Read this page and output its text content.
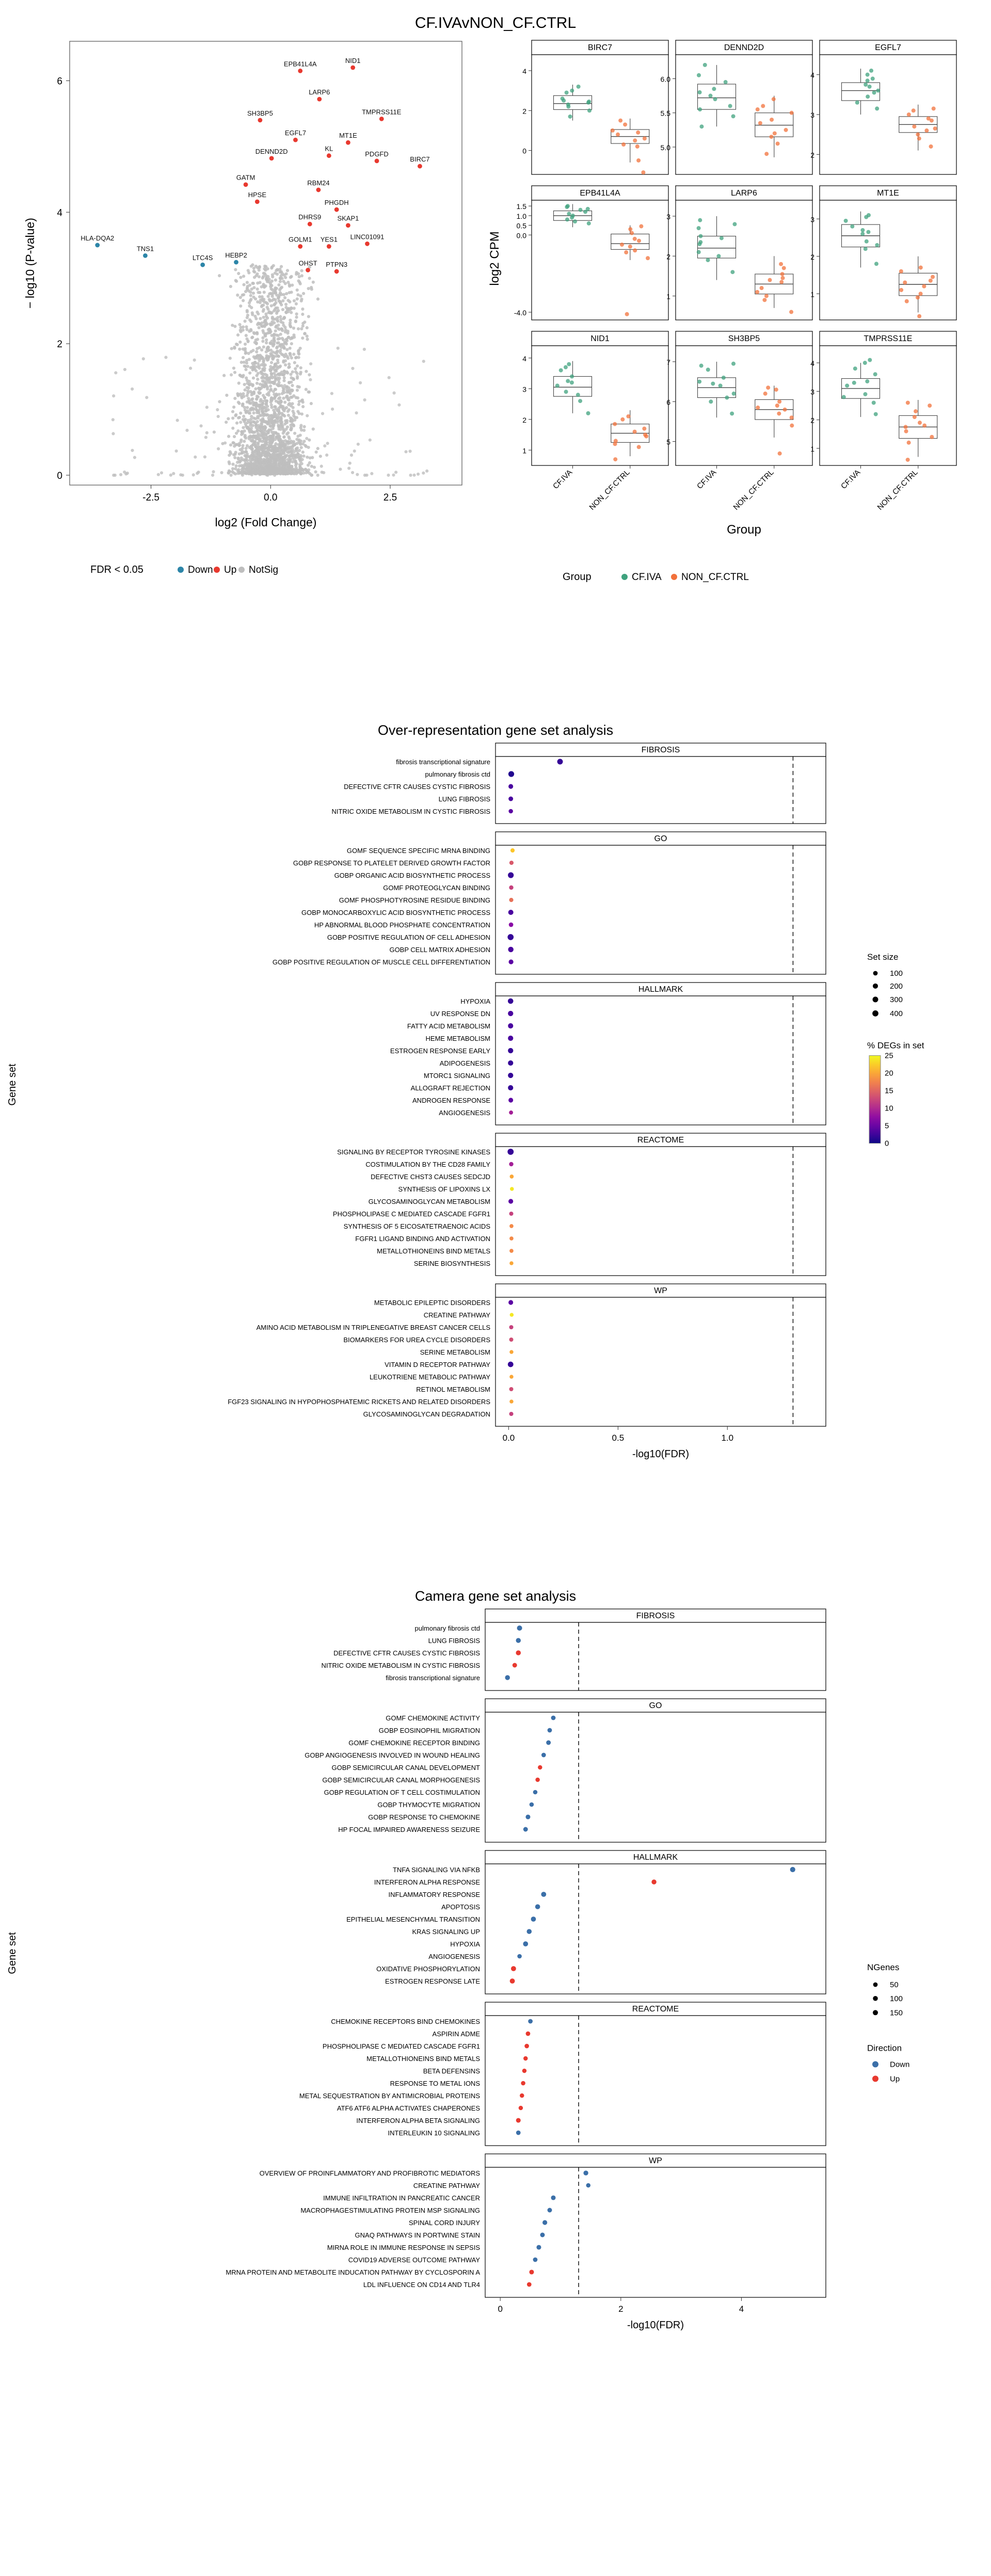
CF.IVAvNON_CF.CTRL
EPB41L4A	NID1
LARP6
SH3BP5	TMPRSS11E
EGFL7
DENND2D	KL
MT1E
PDGFD
BIRC7
GATM
HPSE
RBM24
PHGDH
DHRS9 SKAP1
HLA-DQA2
TNS1
LTC4S HEBP2
GOLM1 YES1 LINC01091
OHST PTPN3
-2.5	0.0	2.5
0
2
4
6
log2 (Fold Change)
− log10 (P-value)
FDR < 0.05	Down Up NotSig
BIRC7
0
2
4
DENND2D
5.0
5.5
6.0
EGFL7
2
3
4
EPB41L4A
-4.0
0.0
0.5
1.0
1.5
LARP6
1
2
3
MT1E
1
2
3
NID1
1
2
3
4
CF.IVA NON_CF.CTRL
SH3BP5
5
6
7
CF.IVA NON_CF.CTRL
TMPRSS11E
1
2
3
4
CF.IVA NON_CF.CTRL
log2 CPM
Group
Group	CF.IVA NON_CF.CTRL
Over-representation gene set analysis
FIBROSIS
fibrosis transcriptional signature
pulmonary fibrosis ctd
DEFECTIVE CFTR CAUSES CYSTIC FIBROSIS
LUNG FIBROSIS
NITRIC OXIDE METABOLISM IN CYSTIC FIBROSIS
GO
GOMF SEQUENCE SPECIFIC MRNA BINDING
GOBP RESPONSE TO PLATELET DERIVED GROWTH FACTOR
GOBP ORGANIC ACID BIOSYNTHETIC PROCESS
GOMF PROTEOGLYCAN BINDING
GOMF PHOSPHOTYROSINE RESIDUE BINDING
GOBP MONOCARBOXYLIC ACID BIOSYNTHETIC PROCESS
HP ABNORMAL BLOOD PHOSPHATE CONCENTRATION
GOBP POSITIVE REGULATION OF CELL ADHESION
GOBP CELL MATRIX ADHESION
GOBP POSITIVE REGULATION OF MUSCLE CELL DIFFERENTIATION
HALLMARK
HYPOXIA
UV RESPONSE DN
FATTY ACID METABOLISM
HEME METABOLISM
ESTROGEN RESPONSE EARLY
ADIPOGENESIS
MTORC1 SIGNALING
ALLOGRAFT REJECTION
ANDROGEN RESPONSE
ANGIOGENESIS
REACTOME
SIGNALING BY RECEPTOR TYROSINE KINASES
COSTIMULATION BY THE CD28 FAMILY
DEFECTIVE CHST3 CAUSES SEDCJD
SYNTHESIS OF LIPOXINS LX
GLYCOSAMINOGLYCAN METABOLISM
PHOSPHOLIPASE C MEDIATED CASCADE FGFR1
SYNTHESIS OF 5 EICOSATETRAENOIC ACIDS
FGFR1 LIGAND BINDING AND ACTIVATION
METALLOTHIONEINS BIND METALS
SERINE BIOSYNTHESIS
WP
METABOLIC EPILEPTIC DISORDERS
CREATINE PATHWAY
AMINO ACID METABOLISM IN TRIPLENEGATIVE BREAST CANCER CELLS
BIOMARKERS FOR UREA CYCLE DISORDERS
SERINE METABOLISM
VITAMIN D RECEPTOR PATHWAY
LEUKOTRIENE METABOLIC PATHWAY
RETINOL METABOLISM
FGF23 SIGNALING IN HYPOPHOSPHATEMIC RICKETS AND RELATED DISORDERS
GLYCOSAMINOGLYCAN DEGRADATION
0.0	0.5	1.0
-log10(FDR)
Gene set
Set size
100
200
300
400
% DEGs in set
0
5
10
15
20
25
Camera gene set analysis
FIBROSIS
pulmonary fibrosis ctd
LUNG FIBROSIS
DEFECTIVE CFTR CAUSES CYSTIC FIBROSIS
NITRIC OXIDE METABOLISM IN CYSTIC FIBROSIS
fibrosis transcriptional signature
GO
GOMF CHEMOKINE ACTIVITY
GOBP EOSINOPHIL MIGRATION
GOMF CHEMOKINE RECEPTOR BINDING
GOBP ANGIOGENESIS INVOLVED IN WOUND HEALING
GOBP SEMICIRCULAR CANAL DEVELOPMENT
GOBP SEMICIRCULAR CANAL MORPHOGENESIS
GOBP REGULATION OF T CELL COSTIMULATION
GOBP THYMOCYTE MIGRATION
GOBP RESPONSE TO CHEMOKINE
HP FOCAL IMPAIRED AWARENESS SEIZURE
HALLMARK
TNFA SIGNALING VIA NFKB
INTERFERON ALPHA RESPONSE
INFLAMMATORY RESPONSE
APOPTOSIS
EPITHELIAL MESENCHYMAL TRANSITION
KRAS SIGNALING UP
HYPOXIA
ANGIOGENESIS
OXIDATIVE PHOSPHORYLATION
ESTROGEN RESPONSE LATE
REACTOME
CHEMOKINE RECEPTORS BIND CHEMOKINES
ASPIRIN ADME
PHOSPHOLIPASE C MEDIATED CASCADE FGFR1
METALLOTHIONEINS BIND METALS
BETA DEFENSINS
RESPONSE TO METAL IONS
METAL SEQUESTRATION BY ANTIMICROBIAL PROTEINS
ATF6 ATF6 ALPHA ACTIVATES CHAPERONES
INTERFERON ALPHA BETA SIGNALING
INTERLEUKIN 10 SIGNALING
WP
OVERVIEW OF PROINFLAMMATORY AND PROFIBROTIC MEDIATORS
CREATINE PATHWAY
IMMUNE INFILTRATION IN PANCREATIC CANCER
MACROPHAGESTIMULATING PROTEIN MSP SIGNALING
SPINAL CORD INJURY
GNAQ PATHWAYS IN PORTWINE STAIN
MIRNA ROLE IN IMMUNE RESPONSE IN SEPSIS
COVID19 ADVERSE OUTCOME PATHWAY
MRNA PROTEIN AND METABOLITE INDUCATION PATHWAY BY CYCLOSPORIN A
LDL INFLUENCE ON CD14 AND TLR4
0	2	4
-log10(FDR)
Gene set	NGenes
50
100
150
Direction
Down
Up
